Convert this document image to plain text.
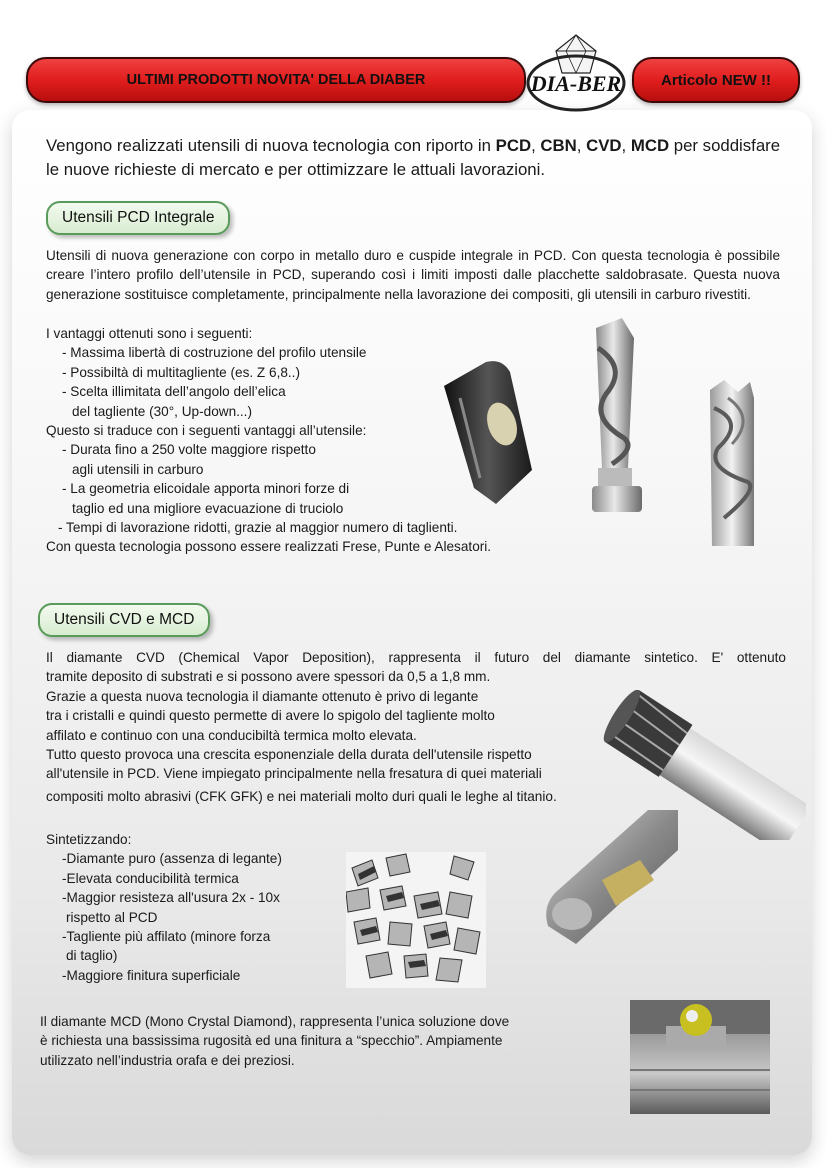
ULTIMI PRODOTTI NOVITA' DELLA DIABER	DIA-BER	Articolo NEW !!
Vengono realizzati utensili di nuova tecnologia con riporto in PCD, CBN, CVD, MCD per soddisfare le nuove richieste di mercato e per ottimizzare le attuali lavorazioni.
Utensili PCD Integrale
Utensili di nuova generazione con corpo in metallo duro e cuspide integrale in PCD. Con questa tecnologia è possibile creare l’intero profilo dell’utensile in PCD, superando così i limiti imposti dalle placchette saldobrasate. Questa nuova generazione sostituisce completamente, principalmente nella lavorazione dei compositi, gli utensili in carburo rivestiti.
I vantaggi ottenuti sono i seguenti:
- Massima libertà di costruzione del profilo utensile
- Possibiltà di multitagliente (es. Z 6,8..)
- Scelta illimitata dell’angolo dell’elica
del tagliente (30°, Up-down...)
Questo si traduce con i seguenti vantaggi all’utensile:
- Durata fino a 250 volte maggiore rispetto
agli utensili in carburo
- La geometria elicoidale apporta minori forze di
taglio ed una migliore evacuazione di truciolo
- Tempi di lavorazione ridotti, grazie al maggior numero di taglienti.
Con questa tecnologia possono essere realizzati Frese, Punte e Alesatori.
Utensili CVD e MCD
Il diamante CVD (Chemical Vapor Deposition), rappresenta il futuro del diamante sintetico. E' ottenuto
tramite deposito di substrati e si possono avere spessori da 0,5 a 1,8 mm.
Grazie a questa nuova tecnologia il diamante ottenuto è privo di legante
tra i cristalli e quindi questo permette di avere lo spigolo del tagliente molto
affilato e continuo con una conducibiltà termica molto elevata.
Tutto questo provoca una crescita esponenziale della durata dell'utensile rispetto
all'utensile in PCD. Viene impiegato principalmente nella fresatura di quei materiali
compositi molto abrasivi (CFK GFK) e nei materiali molto duri quali le leghe al titanio.
Sintetizzando:
-Diamante puro (assenza di legante)
-Elevata conducibilità termica
-Maggior resisteza all'usura 2x - 10x
rispetto al PCD
-Tagliente più affilato (minore forza
di taglio)
-Maggiore finitura superficiale
Il diamante MCD (Mono Crystal Diamond), rappresenta l’unica soluzione dove
è richiesta una bassissima rugosità ed una finitura a “specchio”. Ampiamente
utilizzato nell’industria orafa e dei preziosi.
